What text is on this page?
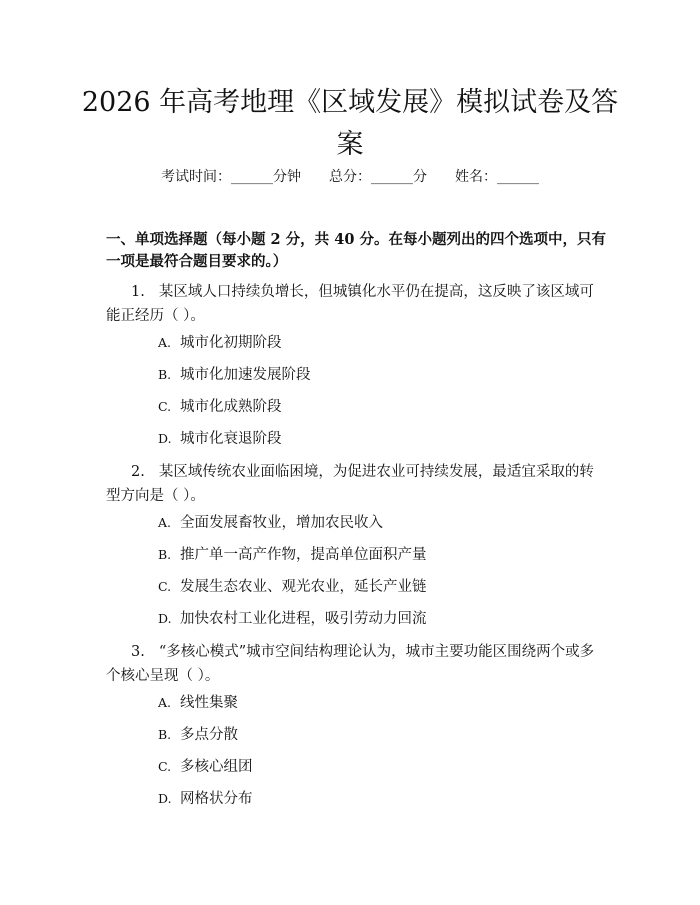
2026 年高考地理《区域发展》模拟试卷及答案
考试时间：______分钟 总分：______分 姓名：______

一、单项选择题（每小题 2 分，共 40 分。在每小题列出的四个选项中，只有一项是最符合题目要求的。）

1. 某区域人口持续负增长，但城镇化水平仍在提高，这反映了该区域可能正经历（ ）。

A. 城市化初期阶段
B. 城市化加速发展阶段
C. 城市化成熟阶段
D. 城市化衰退阶段

2. 某区域传统农业面临困境，为促进农业可持续发展，最适宜采取的转型方向是（ ）。

A. 全面发展畜牧业，增加农民收入
B. 推广单一高产作物，提高单位面积产量
C. 发展生态农业、观光农业，延长产业链
D. 加快农村工业化进程，吸引劳动力回流

3. “多核心模式”城市空间结构理论认为，城市主要功能区围绕两个或多个核心呈现（ ）。

A. 线性集聚
B. 多点分散
C. 多核心组团
D. 网格状分布
